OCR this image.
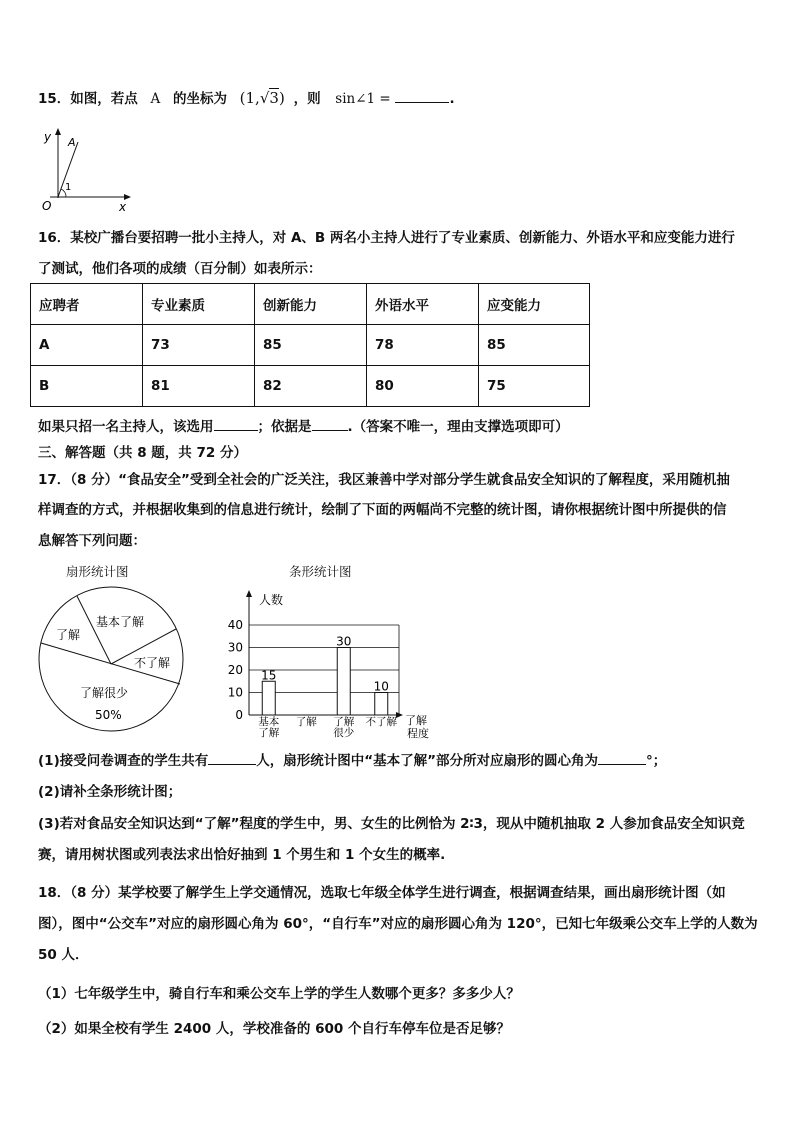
15．如图，若点 A 的坐标为 (1,√3) ，则 sin∠1 =	.
y A
1
O	x
16．某校广播台要招聘一批小主持人，对 A、B 两名小主持人进行了专业素质、创新能力、外语水平和应变能力进行
了测试，他们各项的成绩（百分制）如表所示：
应聘者	专业素质	创新能力	外语水平	应变能力
A	73	85	78	85
B	81	82	80	75
如果只招一名主持人，该选用	；依据是	.（答案不唯一，理由支撑选项即可）
三、解答题（共 8 题，共 72 分）
17．（8 分）“食品安全”受到全社会的广泛关注，我区兼善中学对部分学生就食品安全知识的了解程度，采用随机抽
样调查的方式，并根据收集到的信息进行统计，绘制了下面的两幅尚不完整的统计图，请你根据统计图中所提供的信
息解答下列问题：
扇形统计图
基本了解
了解
不了解
了解很少
50%
条形统计图
人数
了解
程度
0
10
20
30
40
15
30
10
基本
了解
了解 了解
很少
不了解
(1)接受问卷调查的学生共有	人，扇形统计图中“基本了解”部分所对应扇形的圆心角为	°；
(2)请补全条形统计图；
(3)若对食品安全知识达到“了解”程度的学生中，男、女生的比例恰为 2∶3，现从中随机抽取 2 人参加食品安全知识竞
赛，请用树状图或列表法求出恰好抽到 1 个男生和 1 个女生的概率.
18．（8 分）某学校要了解学生上学交通情况，选取七年级全体学生进行调查，根据调查结果，画出扇形统计图（如
图），图中“公交车”对应的扇形圆心角为 60°，“自行车”对应的扇形圆心角为 120°，已知七年级乘公交车上学的人数为
50 人．
（1）七年级学生中，骑自行车和乘公交车上学的学生人数哪个更多？多多少人？
（2）如果全校有学生 2400 人，学校准备的 600 个自行车停车位是否足够？
